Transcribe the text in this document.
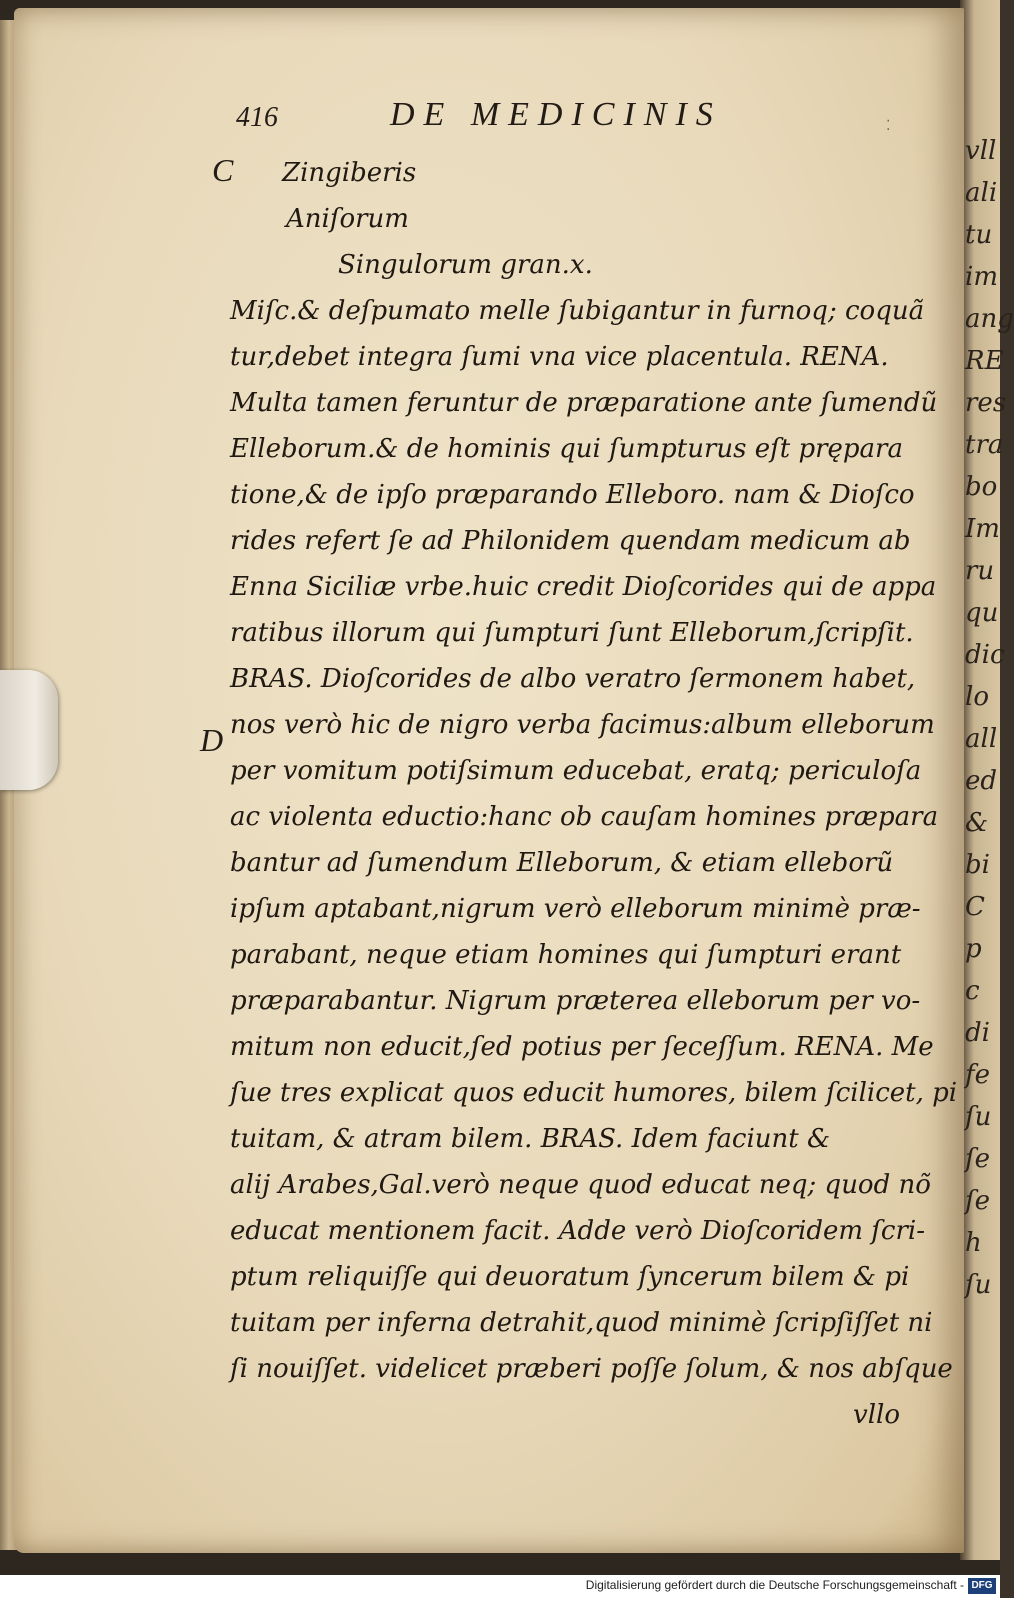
vll
ali
tu
im
ang
RE
res
tra
bo
Im
ru
qu
dic
lo
all
ed
&
bi
C
p
c
di
fe
ſu
ſe
ſe
h
ſu
416	DE MEDICINIS	⁚
C
D
Zingiberis
Aniſorum
Singulorum gran.x.
Miſc.& deſpumato melle ſubigantur in furnoq; coquã
tur,debet integra ſumi vna vice placentula. RENA.
Multa tamen feruntur de præparatione ante ſumendũ
Elleborum.& de hominis qui ſumpturus eſt prępara
tione,& de ipſo præparando Elleboro. nam & Dioſco
rides refert ſe ad Philonidem quendam medicum ab
Enna Siciliæ vrbe.huic credit Dioſcorides qui de appa
ratibus illorum qui ſumpturi ſunt Elleborum,ſcripſit.
BRAS. Dioſcorides de albo veratro ſermonem habet,
nos verò hic de nigro verba facimus:album elleborum
per vomitum potiſsimum educebat, eratq; periculoſa
ac violenta eductio:hanc ob cauſam homines præpara
bantur ad ſumendum Elleborum, & etiam elleborũ
ipſum aptabant,nigrum verò elleborum minimè præ-
parabant, neque etiam homines qui ſumpturi erant
præparabantur. Nigrum præterea elleborum per vo-
mitum non educit,ſed potius per ſeceſſum. RENA. Me
ſue tres explicat quos educit humores, bilem ſcilicet, pi
tuitam, & atram bilem. BRAS. Idem faciunt &
alij Arabes,Gal.verò neque quod educat neq; quod nõ
educat mentionem facit. Adde verò Dioſcoridem ſcri-
ptum reliquiſſe qui deuoratum ſyncerum bilem & pi
tuitam per inferna detrahit,quod minimè ſcripſiſſet ni
ſi nouiſſet. videlicet præberi poſſe ſolum, & nos abſque
vllo
Digitalisierung gefördert durch die Deutsche Forschungsgemeinschaft - DFG
